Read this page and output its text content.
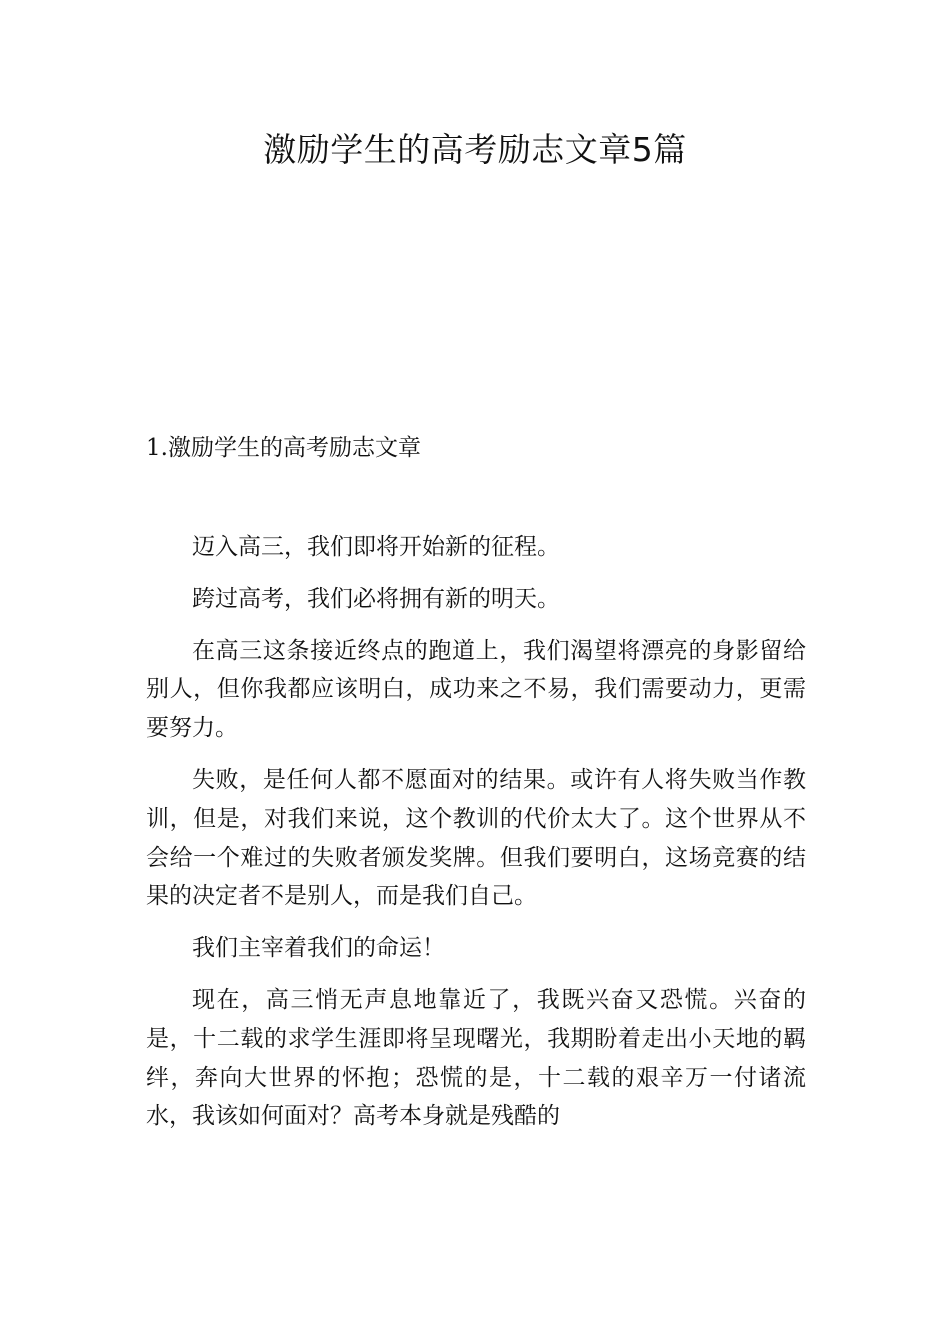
激励学生的高考励志文章5篇
1.激励学生的高考励志文章

迈入高三，我们即将开始新的征程。

跨过高考，我们必将拥有新的明天。

在高三这条接近终点的跑道上，我们渴望将漂亮的身影留给别人，但你我都应该明白，成功来之不易，我们需要动力，更需要努力。

失败，是任何人都不愿面对的结果。或许有人将失败当作教训，但是，对我们来说，这个教训的代价太大了。这个世界从不会给一个难过的失败者颁发奖牌。但我们要明白，这场竞赛的结果的决定者不是别人，而是我们自己。

我们主宰着我们的命运！

现在，高三悄无声息地靠近了，我既兴奋又恐慌。兴奋的是，十二载的求学生涯即将呈现曙光，我期盼着走出小天地的羁绊，奔向大世界的怀抱；恐慌的是，十二载的艰辛万一付诸流水，我该如何面对？高考本身就是残酷的
